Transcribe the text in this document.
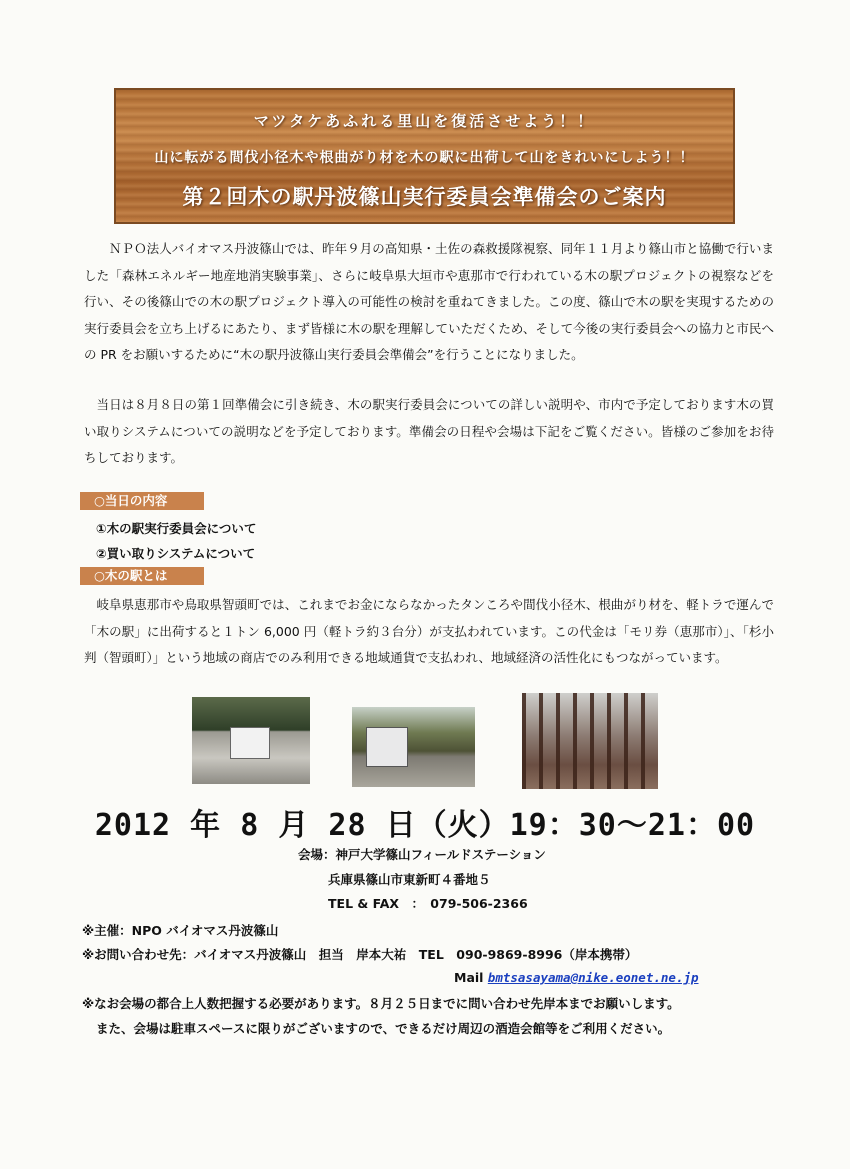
マツタケあふれる里山を復活させよう！！
山に転がる間伐小径木や根曲がり材を木の駅に出荷して山をきれいにしよう！！
第２回木の駅丹波篠山実行委員会準備会のご案内

ＮＰＯ法人バイオマス丹波篠山では、昨年９月の高知県・土佐の森救援隊視察、同年１１月より篠山市と協働で行いました「森林エネルギー地産地消実験事業」、さらに岐阜県大垣市や恵那市で行われている木の駅プロジェクトの視察などを行い、その後篠山での木の駅プロジェクト導入の可能性の検討を重ねてきました。この度、篠山で木の駅を実現するための実行委員会を立ち上げるにあたり、まず皆様に木の駅を理解していただくため、そして今後の実行委員会への協力と市民への PR をお願いするために“木の駅丹波篠山実行委員会準備会”を行うことになりました。

当日は８月８日の第１回準備会に引き続き、木の駅実行委員会についての詳しい説明や、市内で予定しております木の買い取りシステムについての説明などを予定しております。準備会の日程や会場は下記をご覧ください。皆様のご参加をお待ちしております。

○当日の内容
①木の駅実行委員会について
②買い取りシステムについて
○木の駅とは

岐阜県恵那市や鳥取県智頭町では、これまでお金にならなかったタンころや間伐小径木、根曲がり材を、軽トラで運んで「木の駅」に出荷すると１トン 6,000 円（軽トラ約３台分）が支払われています。この代金は「モリ券（恵那市）」、「杉小判（智頭町）」という地域の商店でのみ利用できる地域通貨で支払われ、地域経済の活性化にもつながっています。

2012 年 8 月 28 日（火）19：30～21：00
会場：神戸大学篠山フィールドステーション
兵庫県篠山市東新町４番地５
TEL & FAX　：　079-506-2366
※主催：NPO バイオマス丹波篠山
※お問い合わせ先：バイオマス丹波篠山　担当　岸本大祐　TEL　090-9869-8996（岸本携帯）
Mail bmtsasayama@nike.eonet.ne.jp
※なお会場の都合上人数把握する必要があります。８月２５日までに問い合わせ先岸本までお願いします。
また、会場は駐車スペースに限りがございますので、できるだけ周辺の酒造会館等をご利用ください。
